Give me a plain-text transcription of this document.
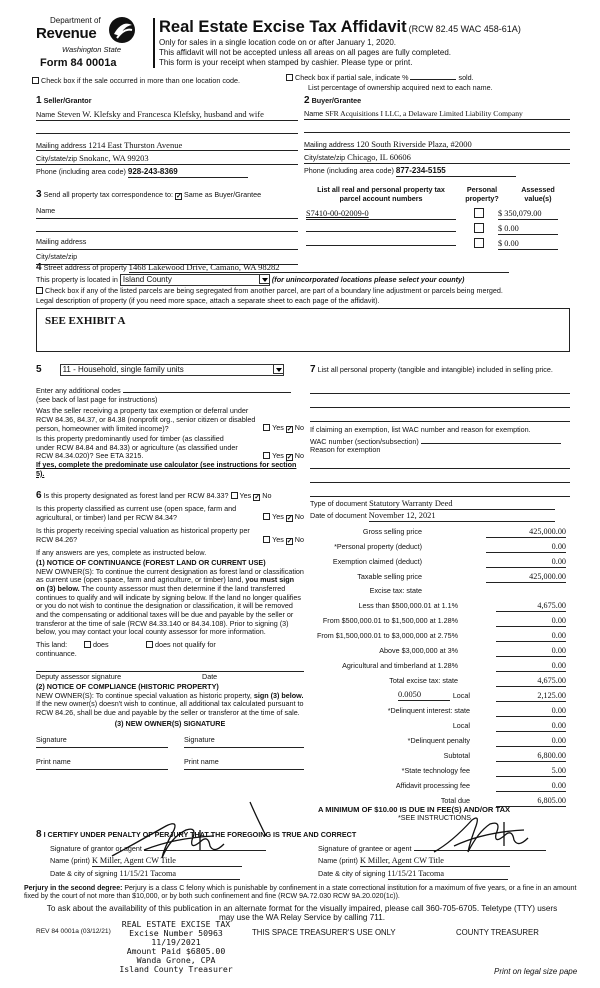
Department of
Revenue
Washington State
Form 84 0001a
Real Estate Excise Tax Affidavit (RCW 82.45 WAC 458-61A)
Only for sales in a single location code on or after January 1, 2020.
This affidavit will not be accepted unless all areas on all pages are fully completed.
This form is your receipt when stamped by cashier. Please type or print.
Check box if the sale occurred in more than one location code.	Check box if partial sale, indicate %	sold.
List percentage of ownership acquired next to each name.
1 Seller/Grantor
Name Steven W. Klefsky and Francesca Klefsky, husband and wife
Mailing address 1214 East Thurston Avenue
City/state/zip Snokanc, WA 99203
Phone (including area code) 928-243-8369
2 Buyer/Grantee
Name SFR Acquisitions I LLC, a Delaware Limited Liability Company
Mailing address 120 South Riverside Plaza, #2000
City/state/zip Chicago, IL 60606
Phone (including area code) 877-234-5155
3 Send all property tax correspondence to: ✓ Same as Buyer/Grantee
Name
Mailing address
City/state/zip
List all real and personal property tax parcel account numbers
Personal property?
Assessed value(s)
S7410-00-02009-0	$ 350,079.00
$ 0.00
$ 0.00
4 Street address of property 1468 Lakewood Drive, Camano, WA 98282
This property is located in Island County	(for unincorporated locations please select your county)
Check box if any of the listed parcels are being segregated from another parcel, are part of a boundary line adjustment or parcels being merged.
Legal description of property (if you need more space, attach a separate sheet to each page of the affidavit).
SEE EXHIBIT A
5	11 - Household, single family units
Enter any additional codes
(see back of last page for instructions)
Was the seller receiving a property tax exemption or deferral under RCW 84.36, 84.37, or 84.38 (nonprofit org., senior citizen or disabled person, homeowner with limited income)?	Yes ✓ No
Is this property predominantly used for timber (as classified under RCW 84.84 and 84.33) or agriculture (as classified under RCW 84.34.020)? See ETA 3215.	Yes ✓ No
If yes, complete the predominate use calculator (see instructions for section 5).
6 Is this property designated as forest land per RCW 84.33? Yes ✓ No
Is this property classified as current use (open space, farm and agricultural, or timber) land per RCW 84.34?	Yes ✓ No
Is this property receiving special valuation as historical property per RCW 84.26?	Yes ✓ No
If any answers are yes, complete as instructed below.
(1) NOTICE OF CONTINUANCE (FOREST LAND OR CURRENT USE)
NEW OWNER(S): To continue the current designation as forest land or classification as current use (open space, farm and agriculture, or timber) land, you must sign on (3) below. The county assessor must then determine if the land transferred continues to qualify and will indicate by signing below. If the land no longer qualifies or you do not wish to continue the designation or classification, it will be removed and the compensating or additional taxes will be due and payable by the seller or transferor at the time of sale (RCW 84.33.140 or 84.34.108). Prior to signing (3) below, you may contact your local county assessor for more information.
This land:	does	does not qualify for
continuance.
Deputy assessor signature	Date
(2) NOTICE OF COMPLIANCE (HISTORIC PROPERTY)
NEW OWNER(S): To continue special valuation as historic property, sign (3) below. If the new owner(s) doesn't wish to continue, all additional tax calculated pursuant to RCW 84.26, shall be due and payable by the seller or transferor at the time of sale.
(3) NEW OWNER(S) SIGNATURE
Signature	Signature
Print name	Print name
7 List all personal property (tangible and intangible) included in selling price.
If claiming an exemption, list WAC number and reason for exemption.
WAC number (section/subsection)
Reason for exemption
Type of document Statutory Warranty Deed
Date of document November 12, 2021
Gross selling price	425,000.00
*Personal property (deduct)	0.00
Exemption claimed (deduct)	0.00
Taxable selling price	425,000.00
Excise tax: state
Less than $500,000.01 at 1.1%	4,675.00
From $500,000.01 to $1,500,000 at 1.28%	0.00
From $1,500,000.01 to $3,000,000 at 2.75%	0.00
Above $3,000,000 at 3%	0.00
Agricultural and timberland at 1.28%	0.00
Total excise tax: state	4,675.00
0.0050	Local	2,125.00
*Delinquent interest: state	0.00
Local	0.00
*Delinquent penalty	0.00
Subtotal	6,800.00
*State technology fee	5.00
Affidavit processing fee	0.00
Total due	6,805.00
A MINIMUM OF $10.00 IS DUE IN FEE(S) AND/OR TAX
*SEE INSTRUCTIONS
8 I CERTIFY UNDER PENALTY OF PERJURY THAT THE FOREGOING IS TRUE AND CORRECT
Signature of grantor or agent
Name (print) K Miller, Agent CW Title
Date & city of signing 11/15/21 Tacoma
Signature of grantee or agent
Name (print) K Miller, Agent CW Title
Date & city of signing 11/15/21 Tacoma
Perjury in the second degree: Perjury is a class C felony which is punishable by confinement in a state correctional institution for a maximum of five years, or a fine in an amount fixed by the court of not more than $10,000, or by both such confinement and fine (RCW 9A.72.030 RCW 9A.20.020(1c)).
To ask about the availability of this publication in an alternate format for the visually impaired, please call 360-705-6705. Teletype (TTY) users may use the WA Relay Service by calling 711.
REV 84 0001a (03/12/21)	THIS SPACE TREASURER'S USE ONLY	COUNTY TREASURER
REAL ESTATE EXCISE TAX
Excise Number 50963
11/19/2021
Amount Paid $6805.00
Wanda Grone, CPA
Island County Treasurer	Print on legal size pape
